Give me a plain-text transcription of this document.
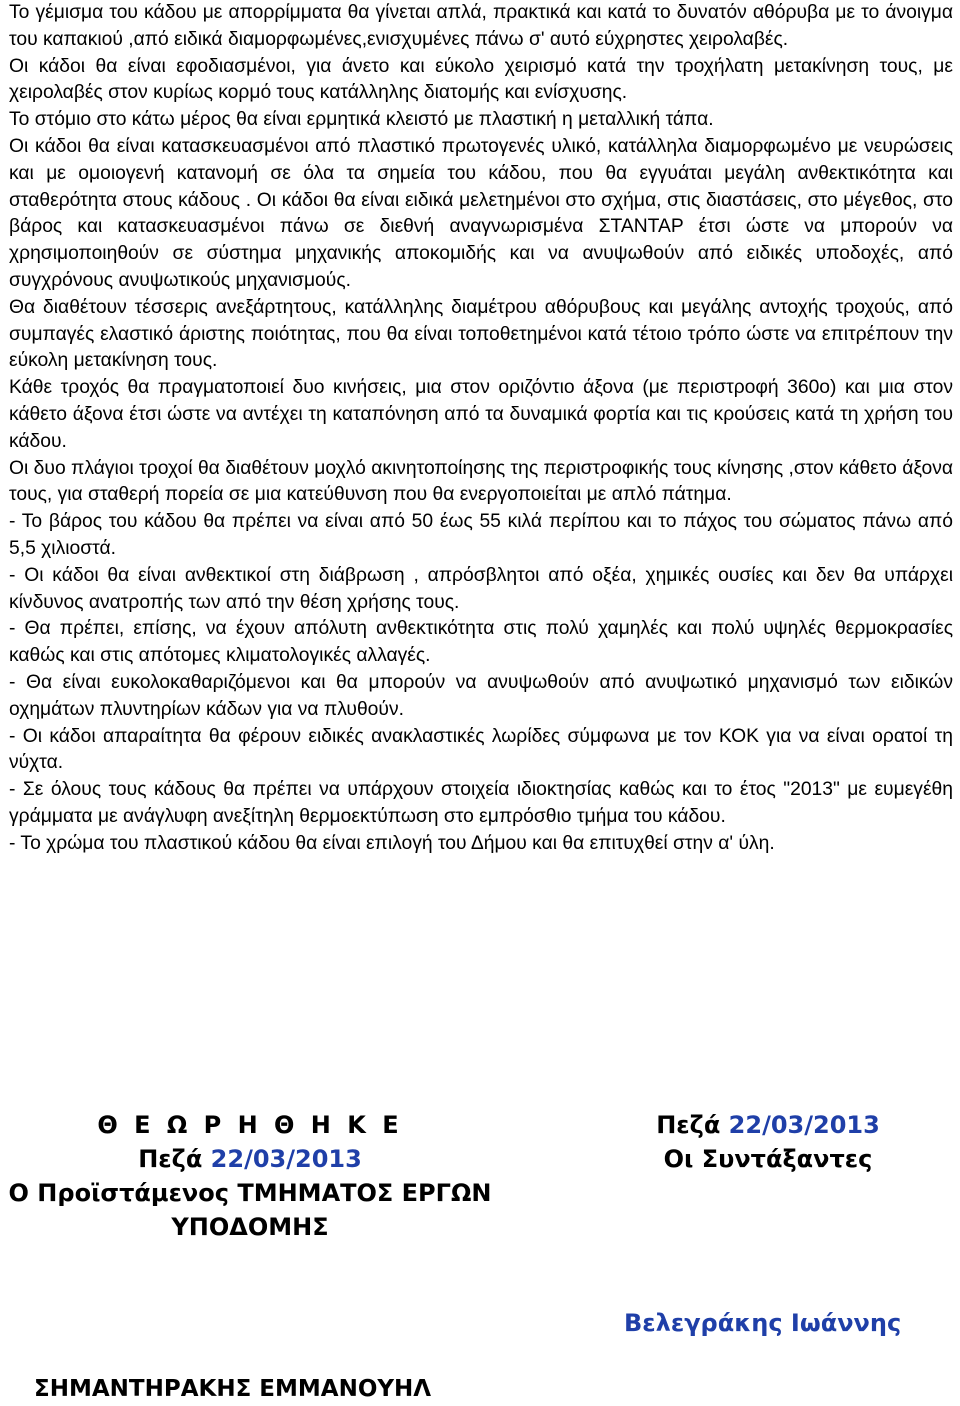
Το γέμισμα του κάδου με απορρίμματα θα γίνεται απλά, πρακτικά και κατά το δυνατόν αθόρυβα με το άνοιγμα του καπακιού ,από ειδικά διαμορφωμένες,ενισχυμένες πάνω σ' αυτό εύχρηστες χειρολαβές.

Οι κάδοι θα είναι εφοδιασμένοι, για άνετο και εύκολο χειρισμό κατά την τροχήλατη μετακίνηση τους, με χειρολαβές στον κυρίως κορμό τους κατάλληλης διατομής και ενίσχυσης.

Το στόμιο στο κάτω μέρος θα είναι ερμητικά κλειστό με πλαστική η μεταλλική τάπα.

Οι κάδοι θα είναι κατασκευασμένοι από πλαστικό πρωτογενές υλικό, κατάλληλα διαμορφωμένο με νευρώσεις και με ομοιογενή κατανομή σε όλα τα σημεία του κάδου, που θα εγγυάται μεγάλη ανθεκτικότητα και σταθερότητα στους κάδους . Οι κάδοι θα είναι ειδικά μελετημένοι στο σχήμα, στις διαστάσεις, στο μέγεθος, στο βάρος και κατασκευασμένοι πάνω σε διεθνή αναγνωρισμένα ΣΤΑΝΤΑΡ έτσι ώστε να μπορούν να χρησιμοποιηθούν σε σύστημα μηχανικής αποκομιδής και να ανυψωθούν από ειδικές υποδοχές, από συγχρόνους ανυψωτικούς μηχανισμούς.

Θα διαθέτουν τέσσερις ανεξάρτητους, κατάλληλης διαμέτρου αθόρυβους και μεγάλης αντοχής τροχούς, από συμπαγές ελαστικό άριστης ποιότητας, που θα είναι τοποθετημένοι κατά τέτοιο τρόπο ώστε να επιτρέπουν την εύκολη μετακίνηση τους.

Κάθε τροχός θα πραγματοποιεί δυο κινήσεις, μια στον οριζόντιο άξονα (με περιστροφή 360ο) και μια στον κάθετο άξονα έτσι ώστε να αντέχει τη καταπόνηση από τα δυναμικά φορτία και τις κρούσεις κατά τη χρήση του κάδου.

Οι δυο πλάγιοι τροχοί θα διαθέτουν μοχλό ακινητοποίησης της περιστροφικής τους κίνησης ,στον κάθετο άξονα τους, για σταθερή πορεία σε μια κατεύθυνση που θα ενεργοποιείται με απλό πάτημα.

- Το βάρος του κάδου θα πρέπει να είναι από 50 έως 55 κιλά περίπου και το πάχος του σώματος πάνω από 5,5 χιλιοστά.

- Οι κάδοι θα είναι ανθεκτικοί στη διάβρωση , απρόσβλητοι από οξέα, χημικές ουσίες και δεν θα υπάρχει κίνδυνος ανατροπής των από την θέση χρήσης τους.

- Θα πρέπει, επίσης, να έχουν απόλυτη ανθεκτικότητα στις πολύ χαμηλές και πολύ υψηλές θερμοκρασίες καθώς και στις απότομες κλιματολογικές αλλαγές.

- Θα είναι ευκολοκαθαριζόμενοι και θα μπορούν να ανυψωθούν από ανυψωτικό μηχανισμό των ειδικών οχημάτων πλυντηρίων κάδων για να πλυθούν.

- Οι κάδοι απαραίτητα θα φέρουν ειδικές ανακλαστικές λωρίδες σύμφωνα με τον ΚΟΚ για να είναι ορατοί τη νύχτα.

- Σε όλους τους κάδους θα πρέπει να υπάρχουν στοιχεία ιδιοκτησίας καθώς και το έτος "2013" με ευμεγέθη γράμματα με ανάγλυφη ανεξίτηλη θερμοεκτύπωση στο εμπρόσθιο τμήμα του κάδου.

- Το χρώμα του πλαστικού κάδου θα είναι επιλογή του Δήμου και θα επιτυχθεί στην α' ύλη.

Θ Ε Ω Ρ Η Θ Η Κ Ε
Πεζά 22/03/2013
Ο Προϊστάμενος ΤΜΗΜΑΤΟΣ ΕΡΓΩΝ
ΥΠΟΔΟΜΗΣ
Πεζά 22/03/2013
Οι Συντάξαντες
Βελεγράκης Ιωάννης
ΣΗΜΑΝΤΗΡΑΚΗΣ ΕΜΜΑΝΟΥΗΛ
